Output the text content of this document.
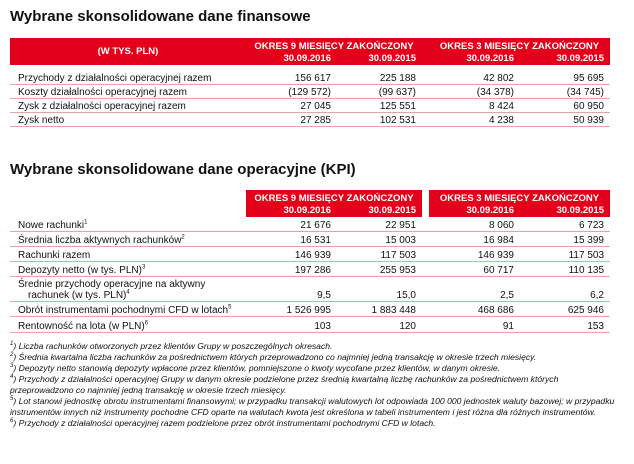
Wybrane skonsolidowane dane finansowe
(W TYS. PLN)	OKRES 9 MIESIĘCY ZAKOŃCZONY			OKRES 3 MIESIĘCY ZAKOŃCZONY	
	30.09.2016	30.09.2015		30.09.2016	30.09.2015

Przychody z działalności operacyjnej razem	156 617	225 188		42 802	95 695
Koszty działalności operacyjnej razem	(129 572)	(99 637)		(34 378)	(34 745)
Zysk z działalności operacyjnej razem	27 045	125 551		8 424	60 950
Zysk netto	27 285	102 531		4 238	50 939
Wybrane skonsolidowane dane operacyjne (KPI)
	OKRES 9 MIESIĘCY ZAKOŃCZONY			OKRES 3 MIESIĘCY ZAKOŃCZONY	
	30.09.2016	30.09.2015		30.09.2016	30.09.2015
Nowe rachunki$^1$	21 676	22 951		8 060	6 723
Średnia liczba aktywnych rachunków$^2$	16 531	15 003		16 984	15 399
Rachunki razem	146 939	117 503		146 939	117 503
Depozyty netto (w tys. PLN)$^3$	197 286	255 953		60 717	110 135
Średnie przychody operacyjne na aktywny
rachunek (w tys. PLN)$^4$	9,5	15,0		2,5	6,2
Obrót instrumentami pochodnymi CFD w lotach$^5$	1 526 995	1 883 448		468 686	625 946
Rentowność na lota (w PLN)$^6$	103	120		91	153

$^1$) Liczba rachunków otworzonych przez klientów Grupy w poszczególnych okresach.

$^2$) Średnia kwartalna liczba rachunków za pośrednictwem których przeprowadzono co najmniej jedną transakcję w okresie trzech miesięcy.

$^3$) Depozyty netto stanowią depozyty wpłacone przez klientów, pomniejszone o kwoty wycofane przez klientów, w danym okresie.

$^4$) Przychody z działalności operacyjnej Grupy w danym okresie podzielone przez średnią kwartalną liczbę rachunków za pośrednictwem których przeprowadzono co najmniej jedną transakcję w okresie trzech miesięcy.

$^5$) Lot stanowi jednostkę obrotu instrumentami finansowymi; w przypadku transakcji walutowych lot odpowiada 100 000 jednostek waluty bazowej; w przypadku instrumentów innych niż instrumenty pochodne CFD oparte na walutach kwota jest określona w tabeli instrumentem i jest różna dla różnych instrumentów.

$^6$) Przychody z działalności operacyjnej razem podzielone przez obrót instrumentami pochodnymi CFD w lotach.
